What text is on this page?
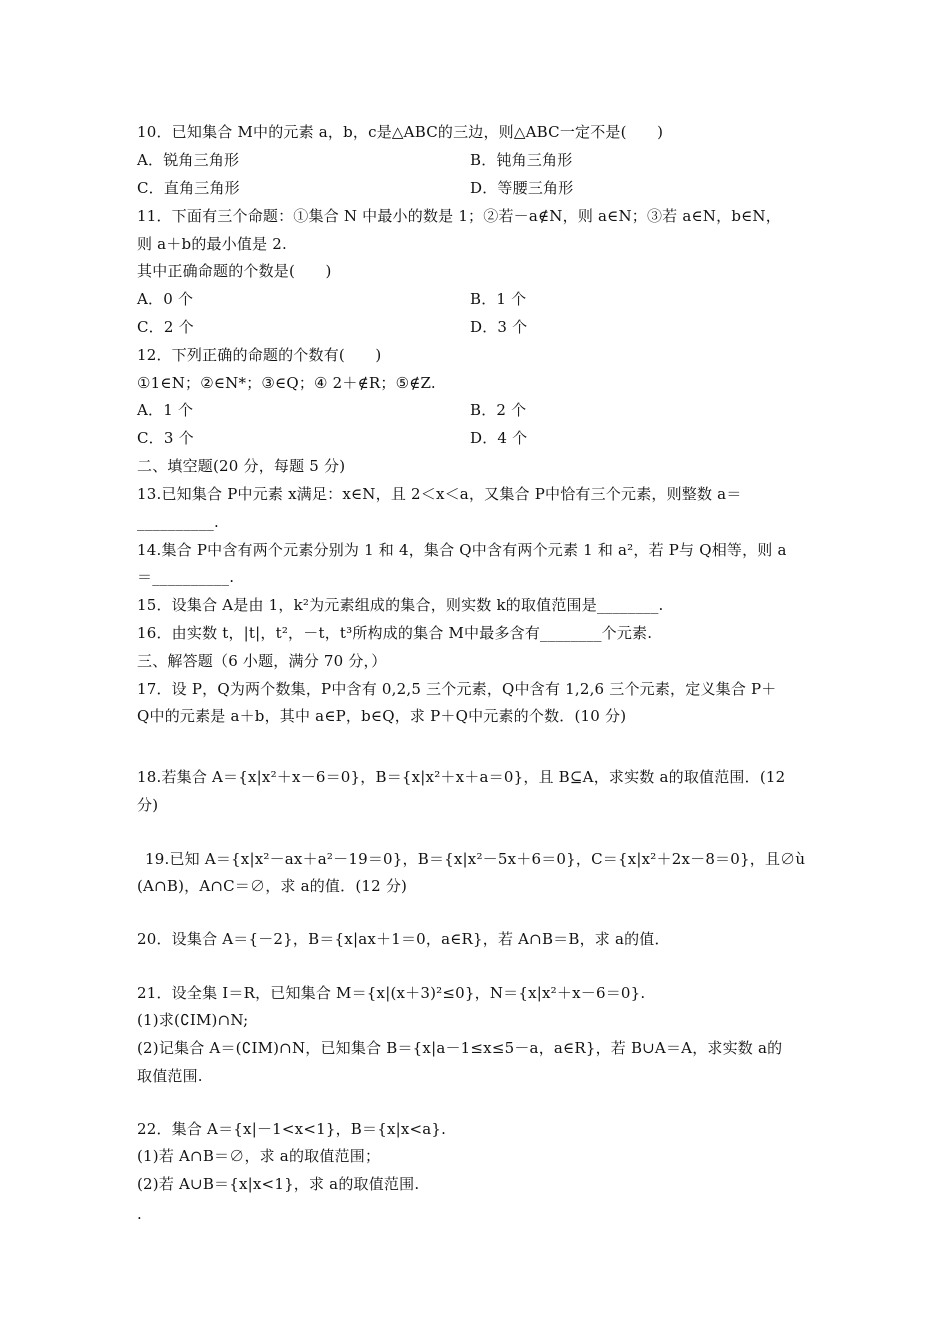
10．已知集合 M中的元素 a，b，c是△ABC的三边，则△ABC一定不是(　　)
A．锐角三角形	B．钝角三角形
C．直角三角形	D．等腰三角形
11．下面有三个命题：①集合 N 中最小的数是 1；②若－a∉N，则 a∈N；③若 a∈N，b∈N，
则 a＋b的最小值是 2.
其中正确命题的个数是(　　)
A．0 个	B．1 个
C．2 个	D．3 个
12．下列正确的命题的个数有(　　)
①1∈N；②∈N*；③∈Q；④ 2＋∉R；⑤∉Z.
A．1 个	B．2 个
C．3 个	D．4 个
二、填空题(20 分，每题 5 分)
13.已知集合 P中元素 x满足：x∈N，且 2＜x＜a，又集合 P中恰有三个元素，则整数 a＝
__________.
14.集合 P中含有两个元素分别为 1 和 4，集合 Q中含有两个元素 1 和 a²，若 P与 Q相等，则 a
＝__________.
15．设集合 A是由 1，k²为元素组成的集合，则实数 k的取值范围是________.
16．由实数 t，|t|，t²，－t，t³所构成的集合 M中最多含有________个元素.
三、解答题（6 小题，满分 70 分，）
17．设 P，Q为两个数集，P中含有 0,2,5 三个元素，Q中含有 1,2,6 三个元素，定义集合 P＋
Q中的元素是 a＋b，其中 a∈P，b∈Q，求 P＋Q中元素的个数．(10 分)
18.若集合 A＝{x|x²＋x－6＝0}，B＝{x|x²＋x＋a＝0}，且 B⊆A，求实数 a的取值范围．(12
分)
19.已知 A＝{x|x²－ax＋a²－19＝0}，B＝{x|x²－5x＋6＝0}，C＝{x|x²＋2x－8＝0}，且∅ù
(A∩B)，A∩C＝∅，求 a的值．(12 分)
20．设集合 A＝{－2}，B＝{x|ax＋1＝0，a∈R}，若 A∩B＝B，求 a的值．
21．设全集 I＝R，已知集合 M＝{x|(x＋3)²≤0}，N＝{x|x²＋x－6＝0}.
(1)求(∁IM)∩N;
(2)记集合 A＝(∁IM)∩N，已知集合 B＝{x|a－1≤x≤5－a，a∈R}，若 B∪A＝A，求实数 a的
取值范围.
22．集合 A＝{x|－1<x<1}，B＝{x|x<a}.
(1)若 A∩B＝∅，求 a的取值范围；
(2)若 A∪B＝{x|x<1}，求 a的取值范围.
.
